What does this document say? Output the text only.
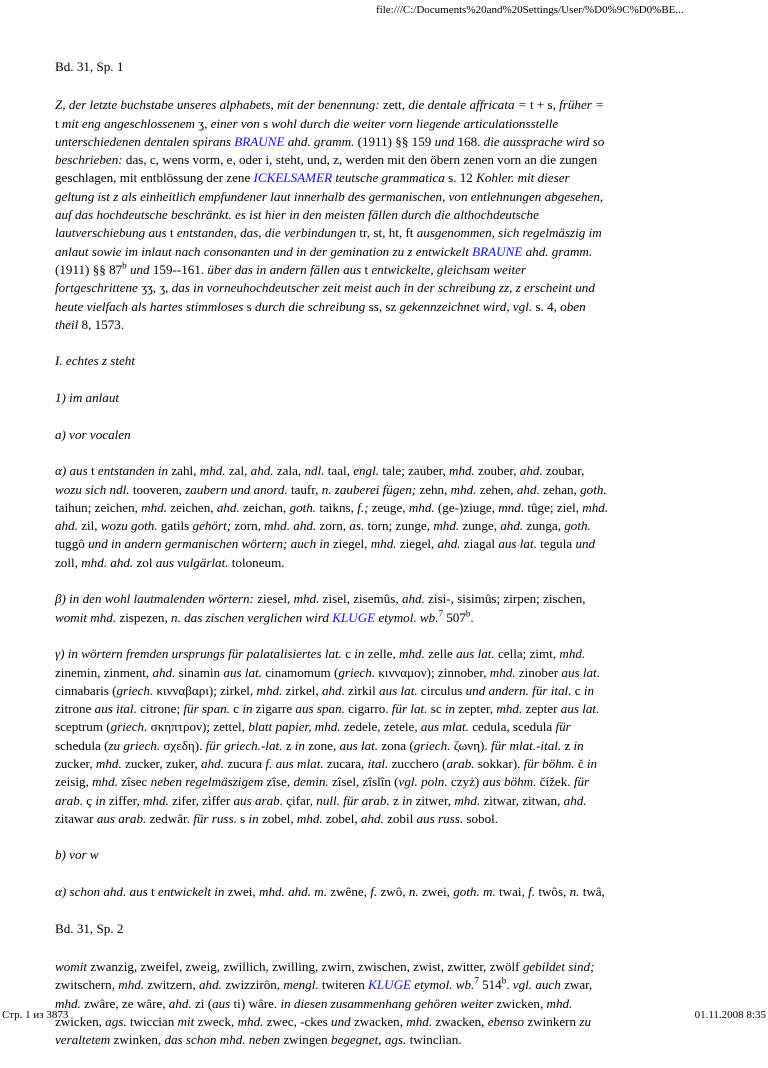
file:///C:/Documents%20and%20Settings/User/%D0%9C%D0%BE...

Bd. 31, Sp. 1

Z, der letzte buchstabe unseres alphabets, mit der benennung: zett, die dentale affricata = t + s, früher =
t mit eng angeschlossenem ʒ, einer von s wohl durch die weiter vorn liegende articulationsstelle
unterschiedenen dentalen spirans BRAUNE ahd. gramm. (1911) §§ 159 und 168. die aussprache wird so
beschrieben: das, c, wens vorm, e, oder i, steht, und, z, werden mit den öbern zenen vorn an die zungen
geschlagen, mit entblössung der zene ICKELSAMER teutsche grammatica s. 12 Kohler. mit dieser
geltung ist z als einheitlich empfundener laut innerhalb des germanischen, von entlehnungen abgesehen,
auf das hochdeutsche beschränkt. es ist hier in den meisten fällen durch die althochdeutsche
lautverschiebung aus t entstanden, das, die verbindungen tr, st, ht, ft ausgenommen, sich regelmäszig im
anlaut sowie im inlaut nach consonanten und in der gemination zu z entwickelt BRAUNE ahd. gramm.
(1911) §§ 87$^b$ und 159--161. über das in andern fällen aus t entwickelte, gleichsam weiter
fortgeschrittene ʒʒ, ʒ, das in vorneuhochdeutscher zeit meist auch in der schreibung zz, z erscheint und
heute vielfach als hartes stimmloses s durch die schreibung ss, sz gekennzeichnet wird, vgl. s. 4, oben
theil 8, 1573.

I. echtes z steht

1) im anlaut

a) vor vocalen

α) aus t entstanden in zahl, mhd. zal, ahd. zala, ndl. taal, engl. tale; zauber, mhd. zouber, ahd. zoubar,
wozu sich ndl. tooveren, zaubern und anord. taufr, n. zauberei fügen; zehn, mhd. zehen, ahd. zehan, goth.
taihun; zeichen, mhd. zeichen, ahd. zeichan, goth. taikns, f.; zeuge, mhd. (ge-)ziuge, mnd. tûge; ziel, mhd.
ahd. zil, wozu goth. gatils gehört; zorn, mhd. ahd. zorn, as. torn; zunge, mhd. zunge, ahd. zunga, goth.
tuggô und in andern germanischen wörtern; auch in ziegel, mhd. ziegel, ahd. ziagal aus lat. tegula und
zoll, mhd. ahd. zol aus vulgärlat. toloneum.

β) in den wohl lautmalenden wörtern: ziesel, mhd. zisel, zisemûs, ahd. zisi-, sisimûs; zirpen; zischen,
womit mhd. zispezen, n. das zischen verglichen wird KLUGE etymol. wb.$^7$ 507$^b$.

γ) in wörtern fremden ursprungs für palatalisiertes lat. c in zelle, mhd. zelle aus lat. cella; zimt, mhd.
zinemin, zinment, ahd. sinamin aus lat. cinamomum (griech. κινναμον); zinnober, mhd. zinober aus lat.
cinnabaris (griech. κινναβαρι); zirkel, mhd. zirkel, ahd. zirkil aus lat. circulus und andern. für ital. c in
zitrone aus ital. citrone; für span. c in zigarre aus span. cigarro. für lat. sc in zepter, mhd. zepter aus lat.
sceptrum (griech. σκηπτρον); zettel, blatt papier, mhd. zedele, zetele, aus mlat. cedula, scedula für
schedula (zu griech. σχεδη). für griech.-lat. z in zone, aus lat. zona (griech. ζωνη). für mlat.-ital. z in
zucker, mhd. zucker, zuker, ahd. zucura f. aus mlat. zucara, ital. zucchero (arab. sokkar). für böhm. č in
zeisig, mhd. zîsec neben regelmäszigem zîse, demin. zîsel, zîslîn (vgl. poln. czyż) aus böhm. čížek. für
arab. ç in ziffer, mhd. zifer, ziffer aus arab. çifar, null. für arab. z in zitwer, mhd. zitwar, zitwan, ahd.
zitawar aus arab. zedwâr. für russ. s in zobel, mhd. zobel, ahd. zobil aus russ. sobol.

b) vor w

α) schon ahd. aus t entwickelt in zwei, mhd. ahd. m. zwêne, f. zwô, n. zwei, goth. m. twai, f. twôs, n. twâ,

Bd. 31, Sp. 2

womit zwanzig, zweifel, zweig, zwillich, zwilling, zwirn, zwischen, zwist, zwitter, zwölf gebildet sind;
zwitschern, mhd. zwitzern, ahd. zwizzirôn, mengl. twiteren KLUGE etymol. wb.$^7$ 514$^b$. vgl. auch zwar,
mhd. zwâre, ze wâre, ahd. zi (aus ti) wâre. in diesen zusammenhang gehören weiter zwicken, mhd.
zwicken, ags. twiccian mit zweck, mhd. zwec, -ckes und zwacken, mhd. zwacken, ebenso zwinkern zu
veraltetem zwinken, das schon mhd. neben zwingen begegnet, ags. twinclian.

Стр. 1 из 3873	01.11.2008 8:35
